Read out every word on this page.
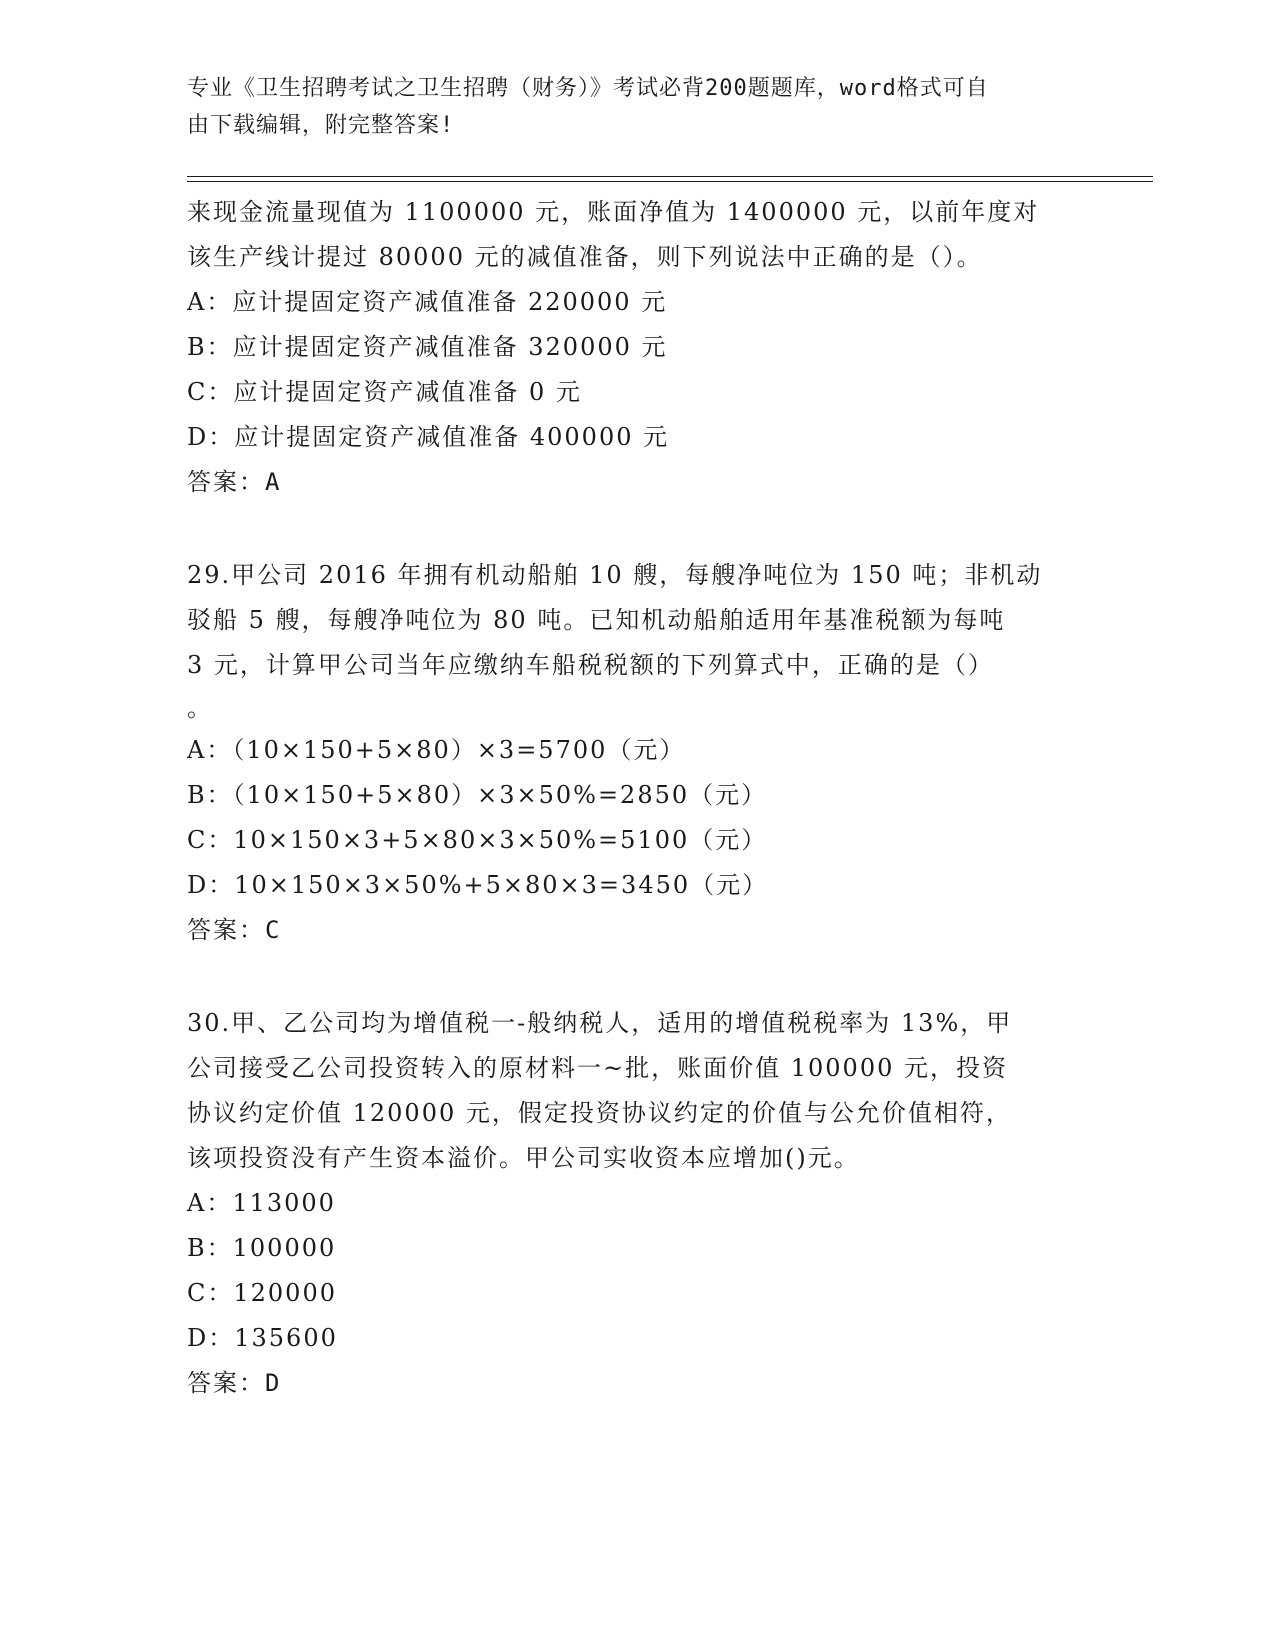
专业《卫生招聘考试之卫生招聘（财务）》考试必背200题题库，word格式可自
由下载编辑，附完整答案!
来现金流量现值为 1100000 元，账面净值为 1400000 元，以前年度对
该生产线计提过 80000 元的减值准备，则下列说法中正确的是（）。
A：应计提固定资产减值准备 220000 元
B：应计提固定资产减值准备 320000 元
C：应计提固定资产减值准备 0 元
D：应计提固定资产减值准备 400000 元
答案：A
29.甲公司 2016 年拥有机动船舶 10 艘，每艘净吨位为 150 吨；非机动
驳船 5 艘，每艘净吨位为 80 吨。已知机动船舶适用年基准税额为每吨
3 元，计算甲公司当年应缴纳车船税税额的下列算式中，正确的是（）
。
A：（10×150+5×80）×3=5700（元）
B：（10×150+5×80）×3×50%=2850（元）
C：10×150×3+5×80×3×50%=5100（元）
D：10×150×3×50%+5×80×3=3450（元）
答案：C
30.甲、乙公司均为增值税一-般纳税人，适用的增值税税率为 13%，甲
公司接受乙公司投资转入的原材料一~批，账面价值 100000 元，投资
协议约定价值 120000 元，假定投资协议约定的价值与公允价值相符，
该项投资没有产生资本溢价。甲公司实收资本应增加()元。
A：113000
B：100000
C：120000
D：135600
答案：D
